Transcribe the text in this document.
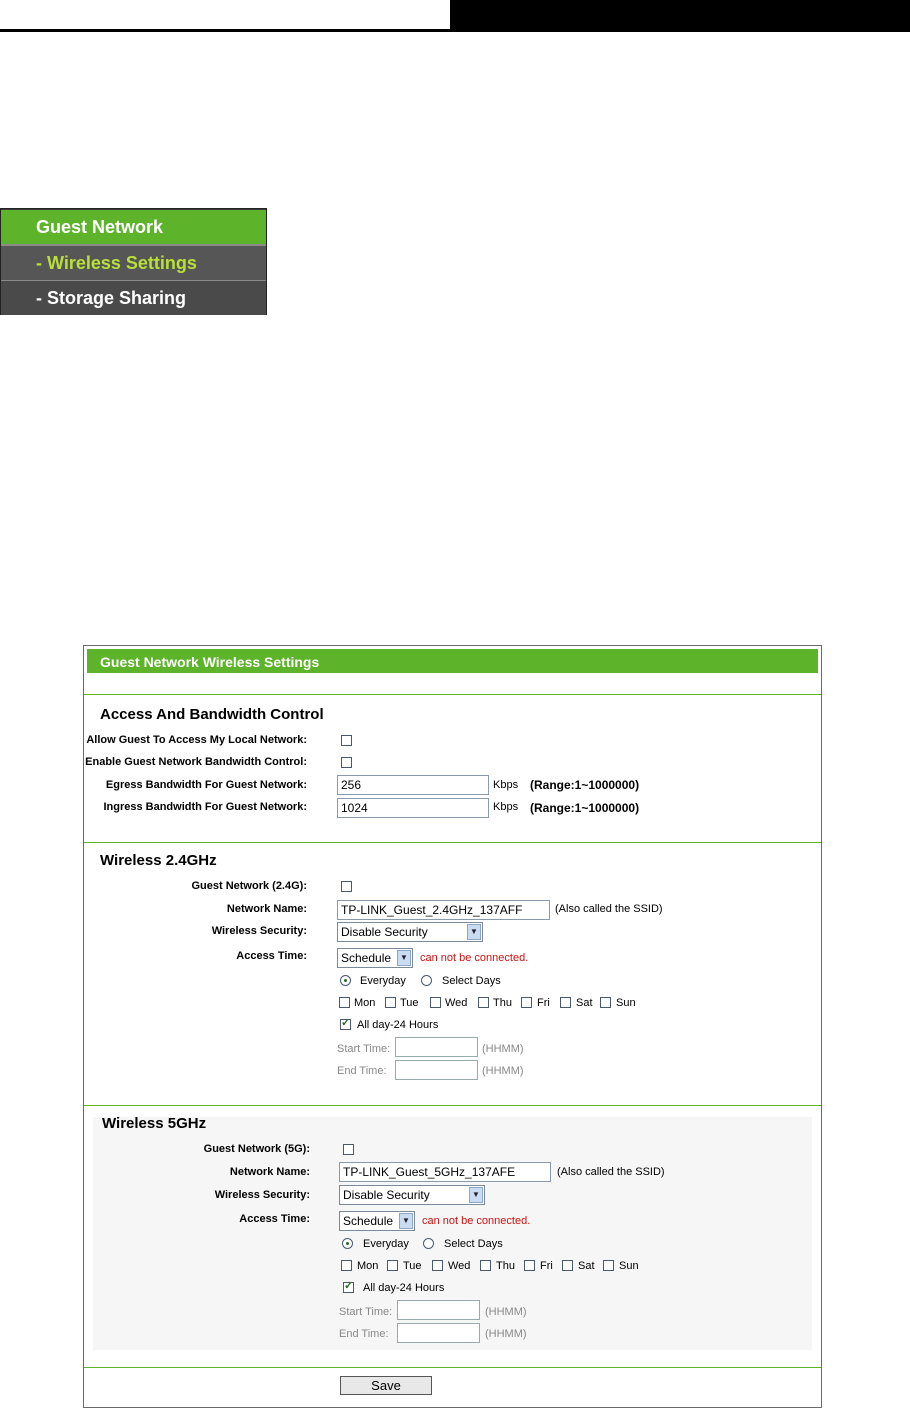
Guest Network
- Wireless Settings
- Storage Sharing
Guest Network Wireless Settings
Access And Bandwidth Control
Allow Guest To Access My Local Network:
Enable Guest Network Bandwidth Control:
Egress Bandwidth For Guest Network:	256	Kbps (Range:1~1000000)
Ingress Bandwidth For Guest Network:	1024	Kbps (Range:1~1000000)
Wireless 2.4GHz
Guest Network (2.4G):
Network Name:	TP-LINK_Guest_2.4GHz_137AFF	(Also called the SSID)
Wireless Security:	Disable Security	▼
Access Time:	Schedule	▼ can not be connected.
Everyday	Select Days
Mon Tue Wed Thu Fri Sat Sun
✓
All day-24 Hours
Start Time:	(HHMM)
End Time:	(HHMM)
Wireless 5GHz
Guest Network (5G):
Network Name:	TP-LINK_Guest_5GHz_137AFE	(Also called the SSID)
Wireless Security:	Disable Security	▼
Access Time:	Schedule	▼ can not be connected.
Everyday	Select Days
Mon Tue Wed Thu Fri Sat Sun
✓
All day-24 Hours
Start Time:	(HHMM)
End Time:	(HHMM)
Save
